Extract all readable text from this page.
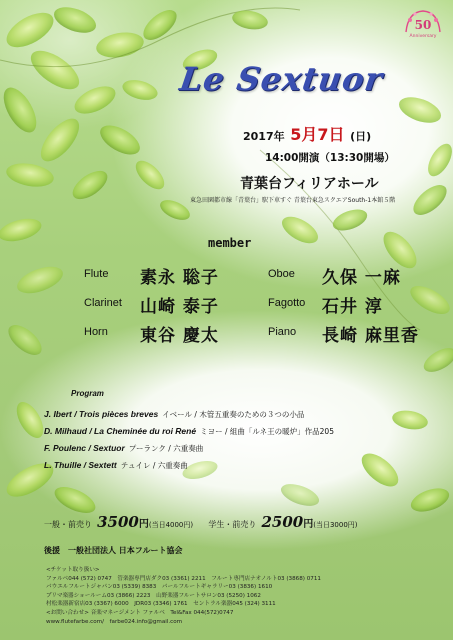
50
Anniversary
Le Sextuor
2017年 5月7日 (日)
14:00開演（13:30開場）
青葉台フィリアホール
東急田園都市線「青葉台」駅下車すぐ 青葉台東急スクエアSouth-1本館５階
member
Flute 素永 聡子	Oboe 久保 一麻
Clarinet 山崎 泰子	Fagotto 石井 淳
Horn 東谷 慶太	Piano 長崎 麻里香
Program
J. Ibert / Trois pièces breves イベール / 木管五重奏のための３つの小品
D. Milhaud / La Cheminée du roi René ミヨー / 組曲「ルネ王の暖炉」作品205
F. Poulenc / Sextuor プーランク / 六重奏曲
L. Thuille / Sextett テュイレ / 六重奏曲
一般・前売り 3500円(当日4000円) 学生・前売り 2500円(当日3000円)
後援　一般社団法人 日本フルート協会
<チケット取り扱い>
ファルベ044 (572) 0747　管楽器専門店ダク03 (3361) 2211　フルート専門店ナオノルト03 (3868) 0711
パウエルフルートジャパン03 (5339) 8383　パールフルートギャラリー03 (3836) 1610
プリマ楽器ショールーム03 (3866) 2223　山野楽器フルートサロン03 (5250) 1062
村松楽器新宿店03 (3367) 6000　JDR03 (3346) 1761　セントラル楽器045 (324) 3111
<お問い合わせ> 音楽マネージメント ファルベ　Tel&Fax 044(572)0747
www.flutefarbe.com/　farbe024.info@gmail.com
